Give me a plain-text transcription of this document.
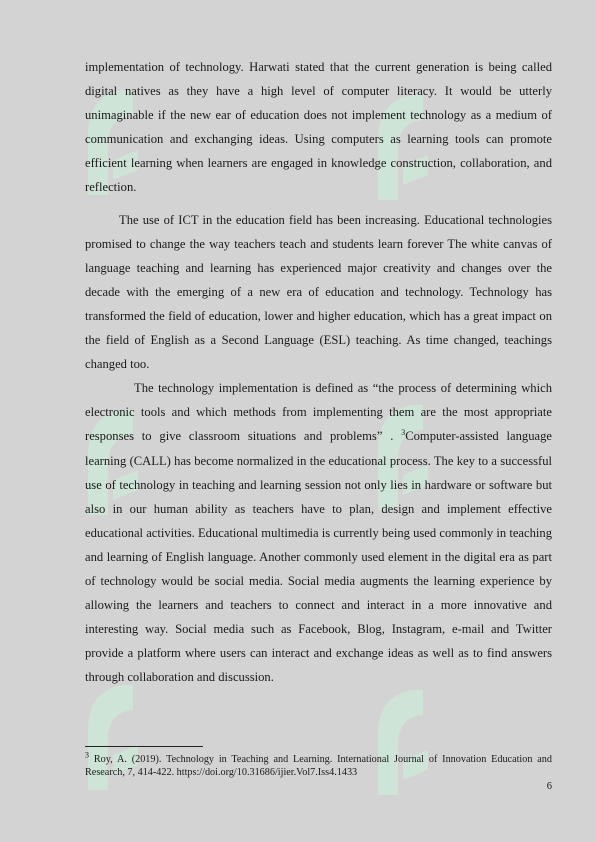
implementation of technology. Harwati stated that the current generation is being called digital natives as they have a high level of computer literacy. It would be utterly unimaginable if the new ear of education does not implement technology as a medium of communication and exchanging ideas. Using computers as learning tools can promote efficient learning when learners are engaged in knowledge construction, collaboration, and reflection.

The use of ICT in the education field has been increasing. Educational technologies promised to change the way teachers teach and students learn forever The white canvas of language teaching and learning has experienced major creativity and changes over the decade with the emerging of a new era of education and technology. Technology has transformed the field of education, lower and higher education, which has a great impact on the field of English as a Second Language (ESL) teaching. As time changed, teachings changed too.

The technology implementation is defined as “the process of determining which electronic tools and which methods from implementing them are the most appropriate responses to give classroom situations and problems” . $^3$Computer-assisted language learning (CALL) has become normalized in the educational process. The key to a successful use of technology in teaching and learning session not only lies in hardware or software but also in our human ability as teachers have to plan, design and implement effective educational activities. Educational multimedia is currently being used commonly in teaching and learning of English language. Another commonly used element in the digital era as part of technology would be social media. Social media augments the learning experience by allowing the learners and teachers to connect and interact in a more innovative and interesting way. Social media such as Facebook, Blog, Instagram, e-mail and Twitter provide a platform where users can interact and exchange ideas as well as to find answers through collaboration and discussion.

$^3$ Roy, A. (2019). Technology in Teaching and Learning. International Journal of Innovation Education and Research, 7, 414-422. https://doi.org/10.31686/ijier.Vol7.Iss4.1433
6
